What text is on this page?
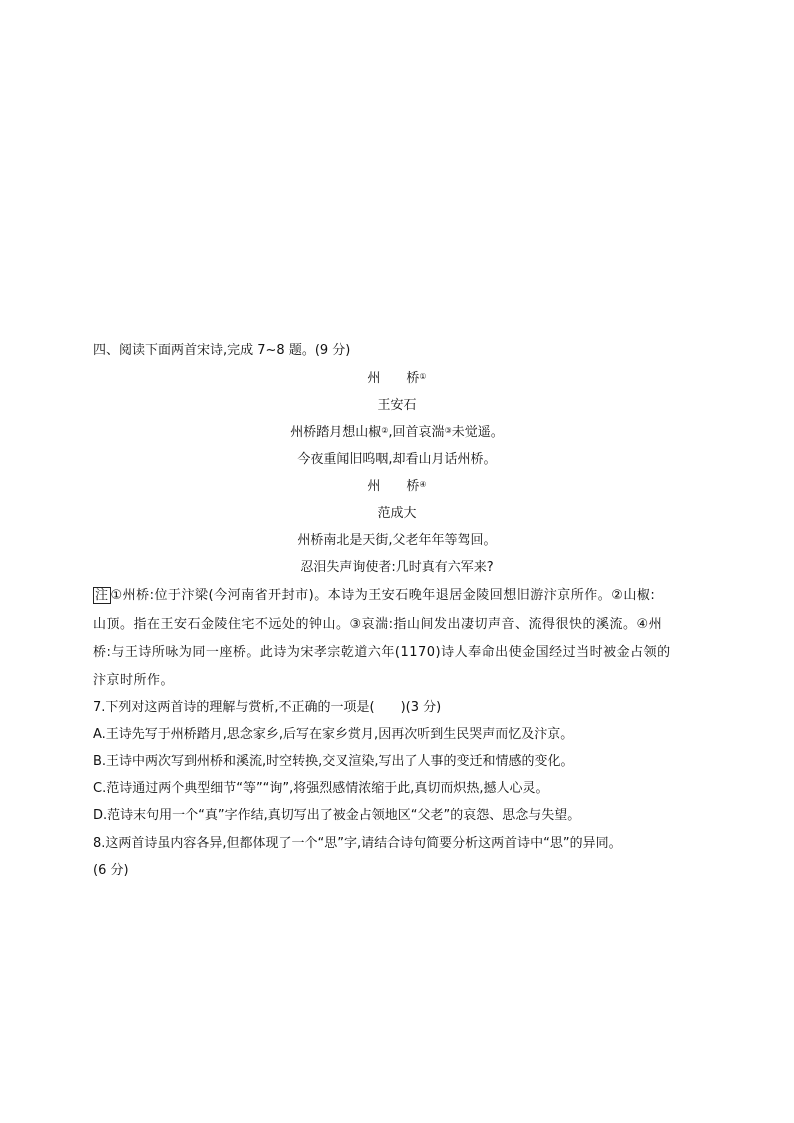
四、阅读下面两首宋诗,完成 7~8 题。(9 分)
州 桥①
王安石
州桥踏月想山椒②,回首哀湍③未觉遥。
今夜重闻旧呜咽,却看山月话州桥。
州 桥④
范成大
州桥南北是天街,父老年年等驾回。
忍泪失声询使者:几时真有六军来?
注 ①州桥:位于汴梁(今河南省开封市)。本诗为王安石晚年退居金陵回想旧游汴京所作。②山椒:
山顶。指在王安石金陵住宅不远处的钟山。③哀湍:指山间发出凄切声音、流得很快的溪流。④州
桥:与王诗所咏为同一座桥。此诗为宋孝宗乾道六年(1170)诗人奉命出使金国经过当时被金占领的
汴京时所作。
7.下列对这两首诗的理解与赏析,不正确的一项是(　　)(3 分)
A.王诗先写于州桥踏月,思念家乡,后写在家乡赏月,因再次听到生民哭声而忆及汴京。
B.王诗中两次写到州桥和溪流,时空转换,交叉渲染,写出了人事的变迁和情感的变化。
C.范诗通过两个典型细节“等”“询”,将强烈感情浓缩于此,真切而炽热,撼人心灵。
D.范诗末句用一个“真”字作结,真切写出了被金占领地区“父老”的哀怨、思念与失望。
8.这两首诗虽内容各异,但都体现了一个“思”字,请结合诗句简要分析这两首诗中“思”的异同。
(6 分)
